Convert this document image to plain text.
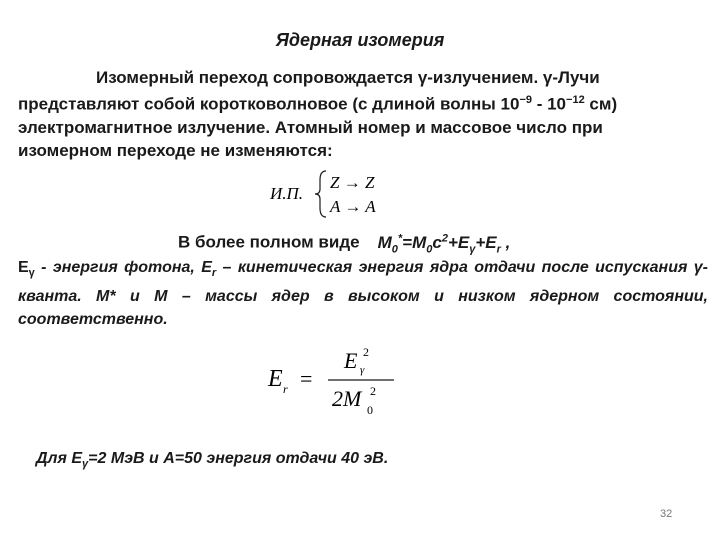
Ядерная изомерия
Изомерный переход сопровождается γ-излучением. γ-Лучи
представляют собой коротковолновое (с длиной волны $10^{-9} - 10^{-12}$ см)
электромагнитное излучение. Атомный номер и массовое число при
изомерном переходе не изменяются:
И.П.
Z → Z
A → A
В более полном виде $M_0^*=M_0c^2+E_\gamma+E_r$ ,
$E_\gamma$ - энергия фотона, $E_r$ – кинетическая энергия ядра отдачи после испускания γ-кванта. M* и M – массы ядер в высоком и низком ядерном состоянии, соответственно.
E r =
E γ
2
2M 0
2
Для $E_\gamma=2$ МэВ и A=50 энергия отдачи 40 эВ.
32
